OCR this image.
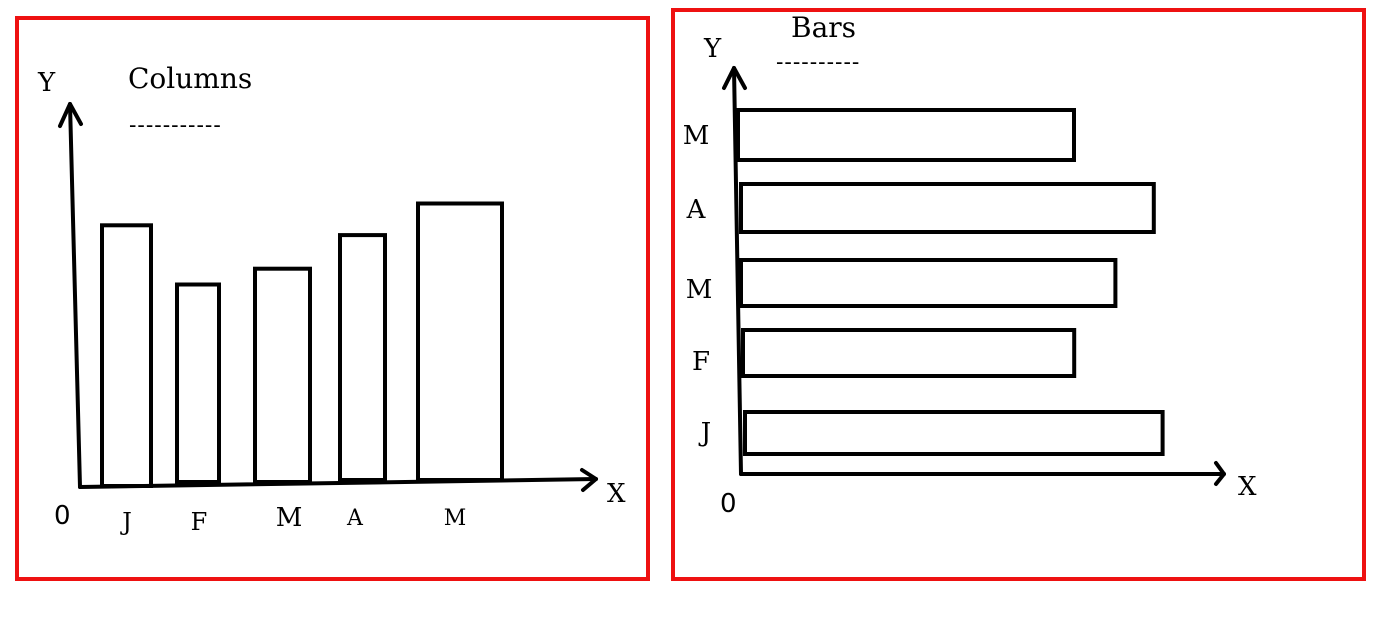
Columns
-----------
Y
X
0 J F	M A	M
Bars
----------
Y
X
0
J
F
M
A
M
